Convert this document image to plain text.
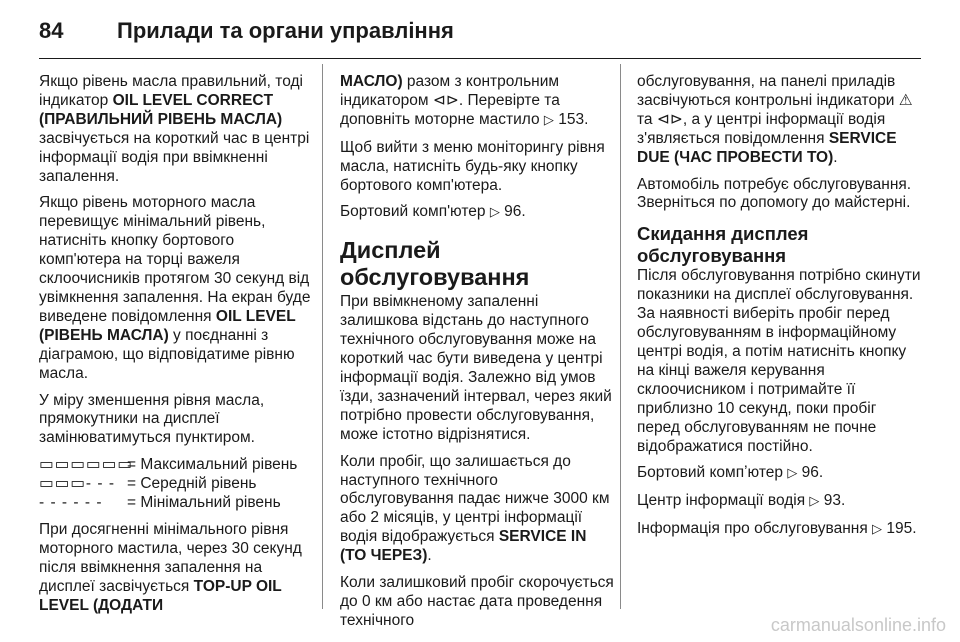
84 Прилади та органи управління

Якщо рівень масла правильний, тоді індикатор OIL LEVEL CORRECT (ПРАВИЛЬНИЙ РІВЕНЬ МАСЛА) засвічується на короткий час в центрі інформації водія при ввімкненні запалення.

Якщо рівень моторного масла перевищує мінімальний рівень, натисніть кнопку бортового комп'ютера на торці важеля склоочисників протягом 30 секунд від увімкнення запалення. На екран буде виведене повідомлення OIL LEVEL (РІВЕНЬ МАСЛА) у поєднанні з діаграмою, що відповідатиме рівню масла.

У міру зменшення рівня масла, прямокутники на дисплеї замінюватимуться пунктиром.

▭▭▭▭▭▭
= Максимальний рівень
▭▭▭- - - = Середній рівень
- - - - - -	= Мінімальний рівень

При досягненні мінімального рівня моторного мастила, через 30 секунд після ввімкнення запалення на дисплеї засвічується TOP-UP OIL LEVEL (ДОДАТИ

МАСЛО) разом з контрольним індикатором ⊲⊳. Перевірте та доповніть моторне мастило ▷ 153.

Щоб вийти з меню моніторингу рівня масла, натисніть будь-яку кнопку бортового комп'ютера.

Бортовий комп'ютер ▷ 96.

Дисплей обслуговування

При ввімкненому запаленні залишкова відстань до наступного технічного обслуговування може на короткий час бути виведена у центрі інформації водія. Залежно від умов їзди, зазначений інтервал, через який потрібно провести обслуговування, може істотно відрізнятися.

Коли пробіг, що залишається до наступного технічного обслуговування падає нижче 3000 км або 2 місяців, у центрі інформації водія відображується SERVICE IN (ТО ЧЕРЕЗ).

Коли залишковий пробіг скорочується до 0 км або настає дата проведення технічного

обслуговування, на панелі приладів засвічуються контрольні індикатори ⚠ та ⊲⊳, а у центрі інформації водія з'являється повідомлення SERVICE DUE (ЧАС ПРОВЕСТИ ТО).

Автомобіль потребує обслуговування. Зверніться по допомогу до майстерні.

Скидання дисплея обслуговування

Після обслуговування потрібно скинути показники на дисплеї обслуговування. За наявності виберіть пробіг перед обслуговуванням в інформаційному центрі водія, а потім натисніть кнопку на кінці важеля керування склоочисником і потримайте її приблизно 10 секунд, поки пробіг перед обслуговуванням не почне відображатися постійно.

Бортовий компʼютер ▷ 96.

Центр інформації водія ▷ 93.

Інформація про обслуговування ▷ 195.

carmanualsonline.info
